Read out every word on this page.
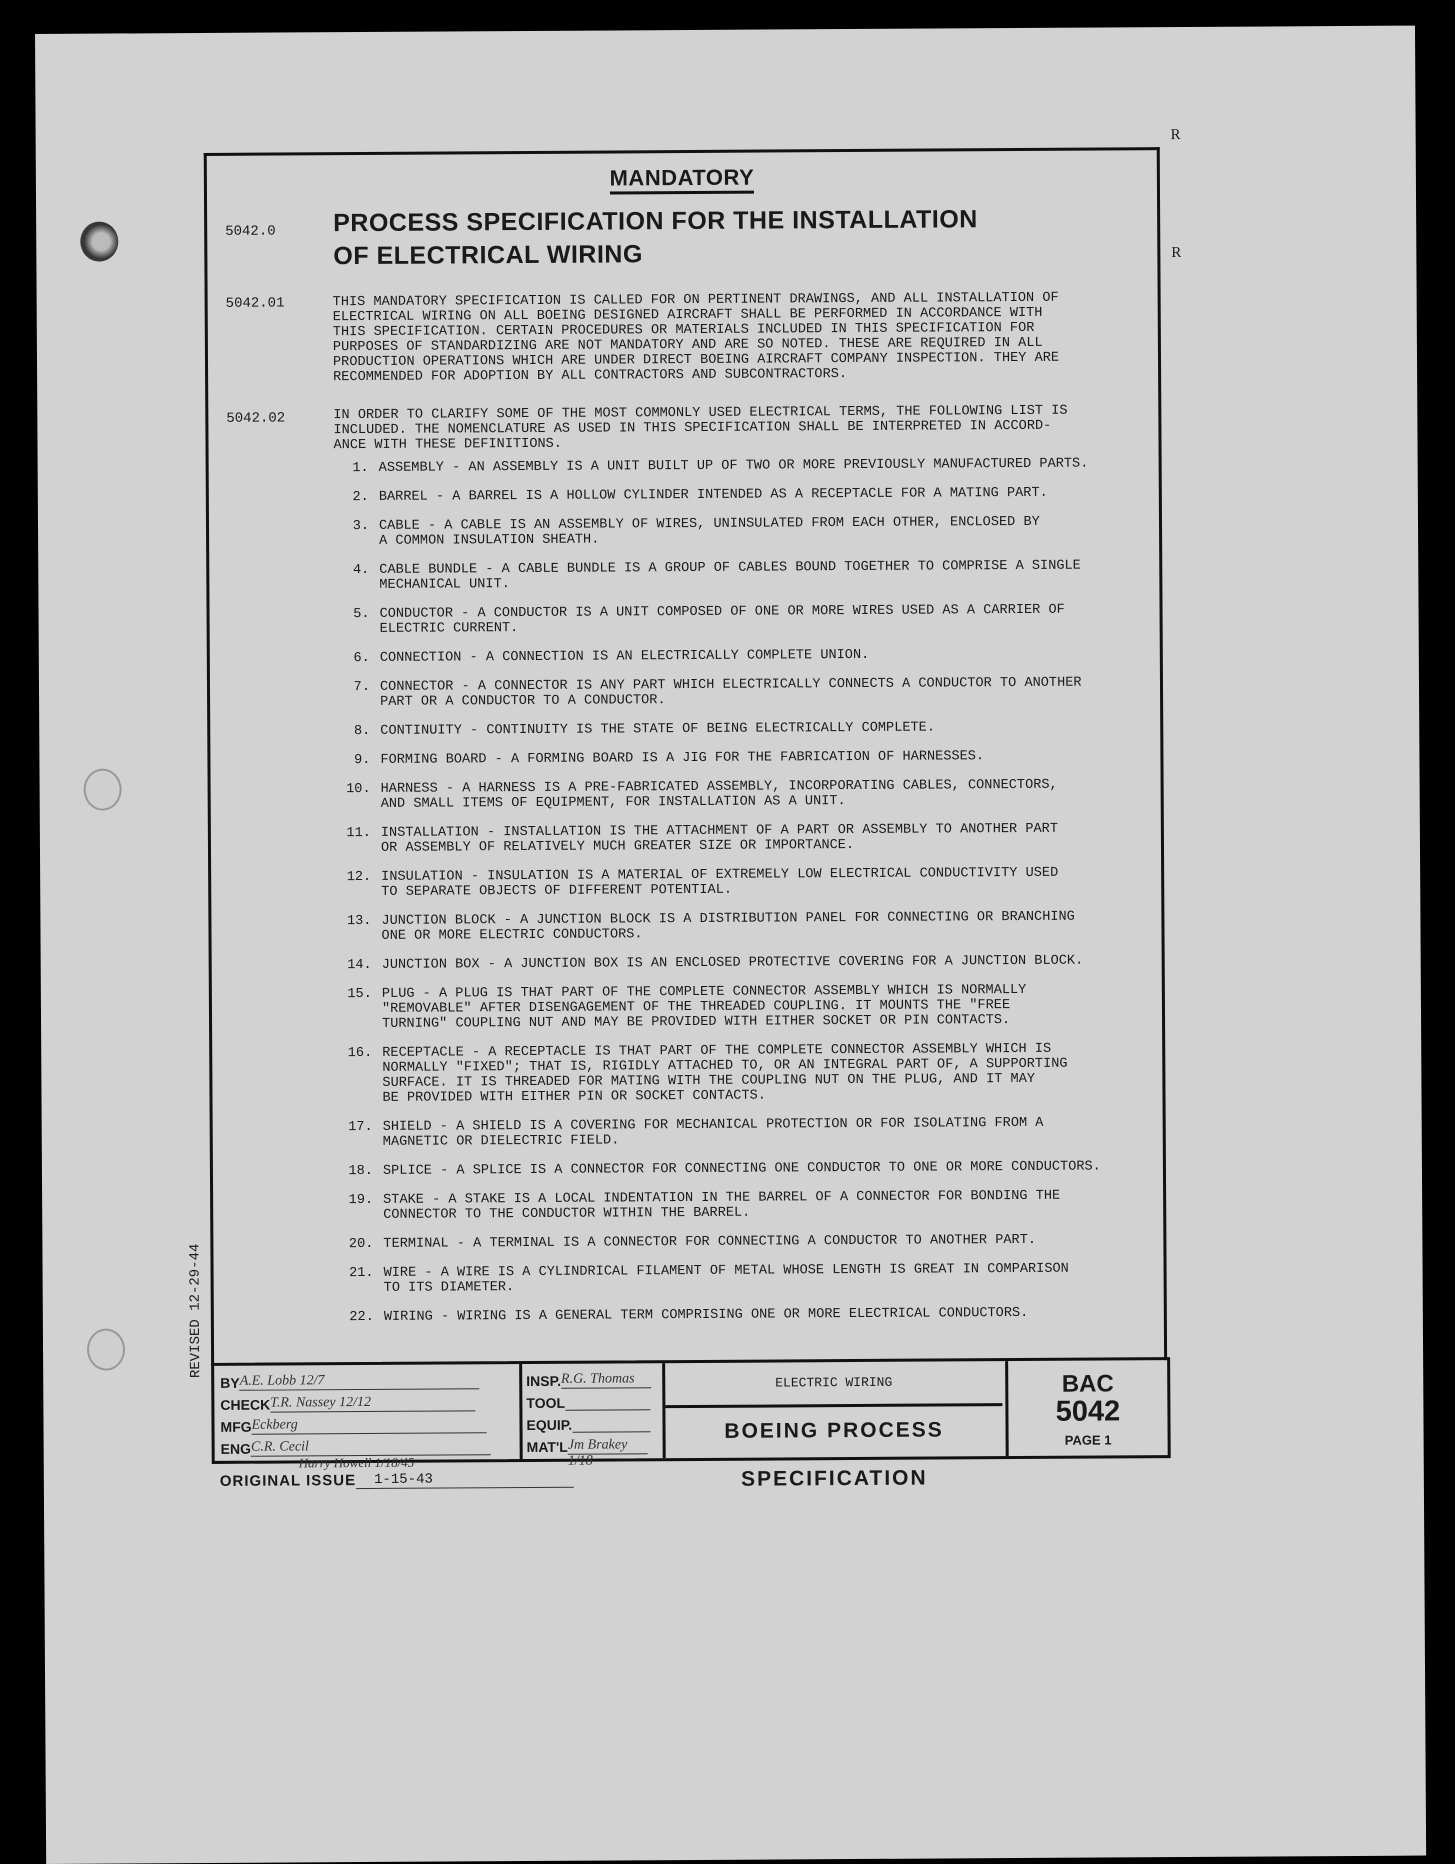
R
R
MANDATORY
5042.0 PROCESS SPECIFICATION FOR THE INSTALLATION
OF ELECTRICAL WIRING
5042.01	THIS MANDATORY SPECIFICATION IS CALLED FOR ON PERTINENT DRAWINGS, AND ALL INSTALLATION OF
ELECTRICAL WIRING ON ALL BOEING DESIGNED AIRCRAFT SHALL BE PERFORMED IN ACCORDANCE WITH
THIS SPECIFICATION. CERTAIN PROCEDURES OR MATERIALS INCLUDED IN THIS SPECIFICATION FOR
PURPOSES OF STANDARDIZING ARE NOT MANDATORY AND ARE SO NOTED. THESE ARE REQUIRED IN ALL
PRODUCTION OPERATIONS WHICH ARE UNDER DIRECT BOEING AIRCRAFT COMPANY INSPECTION. THEY ARE
RECOMMENDED FOR ADOPTION BY ALL CONTRACTORS AND SUBCONTRACTORS.
5042.02	IN ORDER TO CLARIFY SOME OF THE MOST COMMONLY USED ELECTRICAL TERMS, THE FOLLOWING LIST IS
INCLUDED. THE NOMENCLATURE AS USED IN THIS SPECIFICATION SHALL BE INTERPRETED IN ACCORD-
ANCE WITH THESE DEFINITIONS.
1. ASSEMBLY - AN ASSEMBLY IS A UNIT BUILT UP OF TWO OR MORE PREVIOUSLY MANUFACTURED PARTS.
2. BARREL - A BARREL IS A HOLLOW CYLINDER INTENDED AS A RECEPTACLE FOR A MATING PART.
3. CABLE - A CABLE IS AN ASSEMBLY OF WIRES, UNINSULATED FROM EACH OTHER, ENCLOSED BY
A COMMON INSULATION SHEATH.
4. CABLE BUNDLE - A CABLE BUNDLE IS A GROUP OF CABLES BOUND TOGETHER TO COMPRISE A SINGLE
MECHANICAL UNIT.
5. CONDUCTOR - A CONDUCTOR IS A UNIT COMPOSED OF ONE OR MORE WIRES USED AS A CARRIER OF
ELECTRIC CURRENT.
6. CONNECTION - A CONNECTION IS AN ELECTRICALLY COMPLETE UNION.
7. CONNECTOR - A CONNECTOR IS ANY PART WHICH ELECTRICALLY CONNECTS A CONDUCTOR TO ANOTHER
PART OR A CONDUCTOR TO A CONDUCTOR.
8. CONTINUITY - CONTINUITY IS THE STATE OF BEING ELECTRICALLY COMPLETE.
9. FORMING BOARD - A FORMING BOARD IS A JIG FOR THE FABRICATION OF HARNESSES.
10. HARNESS - A HARNESS IS A PRE-FABRICATED ASSEMBLY, INCORPORATING CABLES, CONNECTORS,
AND SMALL ITEMS OF EQUIPMENT, FOR INSTALLATION AS A UNIT.
11. INSTALLATION - INSTALLATION IS THE ATTACHMENT OF A PART OR ASSEMBLY TO ANOTHER PART
OR ASSEMBLY OF RELATIVELY MUCH GREATER SIZE OR IMPORTANCE.
12. INSULATION - INSULATION IS A MATERIAL OF EXTREMELY LOW ELECTRICAL CONDUCTIVITY USED
TO SEPARATE OBJECTS OF DIFFERENT POTENTIAL.
13. JUNCTION BLOCK - A JUNCTION BLOCK IS A DISTRIBUTION PANEL FOR CONNECTING OR BRANCHING
ONE OR MORE ELECTRIC CONDUCTORS.
14. JUNCTION BOX - A JUNCTION BOX IS AN ENCLOSED PROTECTIVE COVERING FOR A JUNCTION BLOCK.
15. PLUG - A PLUG IS THAT PART OF THE COMPLETE CONNECTOR ASSEMBLY WHICH IS NORMALLY
"REMOVABLE" AFTER DISENGAGEMENT OF THE THREADED COUPLING. IT MOUNTS THE "FREE
TURNING" COUPLING NUT AND MAY BE PROVIDED WITH EITHER SOCKET OR PIN CONTACTS.
16. RECEPTACLE - A RECEPTACLE IS THAT PART OF THE COMPLETE CONNECTOR ASSEMBLY WHICH IS
NORMALLY "FIXED"; THAT IS, RIGIDLY ATTACHED TO, OR AN INTEGRAL PART OF, A SUPPORTING
SURFACE. IT IS THREADED FOR MATING WITH THE COUPLING NUT ON THE PLUG, AND IT MAY
BE PROVIDED WITH EITHER PIN OR SOCKET CONTACTS.
17. SHIELD - A SHIELD IS A COVERING FOR MECHANICAL PROTECTION OR FOR ISOLATING FROM A
MAGNETIC OR DIELECTRIC FIELD.
18. SPLICE - A SPLICE IS A CONNECTOR FOR CONNECTING ONE CONDUCTOR TO ONE OR MORE CONDUCTORS.
19. STAKE - A STAKE IS A LOCAL INDENTATION IN THE BARREL OF A CONNECTOR FOR BONDING THE
CONNECTOR TO THE CONDUCTOR WITHIN THE BARREL.
20. TERMINAL - A TERMINAL IS A CONNECTOR FOR CONNECTING A CONDUCTOR TO ANOTHER PART.
21. WIRE - A WIRE IS A CYLINDRICAL FILAMENT OF METAL WHOSE LENGTH IS GREAT IN COMPARISON
TO ITS DIAMETER.
22. WIRING - WIRING IS A GENERAL TERM COMPRISING ONE OR MORE ELECTRICAL CONDUCTORS.
REVISED 12-29-44
BY A.E. Lobb 12/7
CHECK T.R. Nassey 12/12
MFG Eckberg
ENG C.R. Cecil
INSP. R.G. Thomas
TOOL
EQUIP.
MAT'L Jm Brakey 1/18
ELECTRIC WIRING
BOEING PROCESS SPECIFICATION
BAC
5042
PAGE 1
Harry Howell 1/18/45
ORIGINAL ISSUE	1-15-43
